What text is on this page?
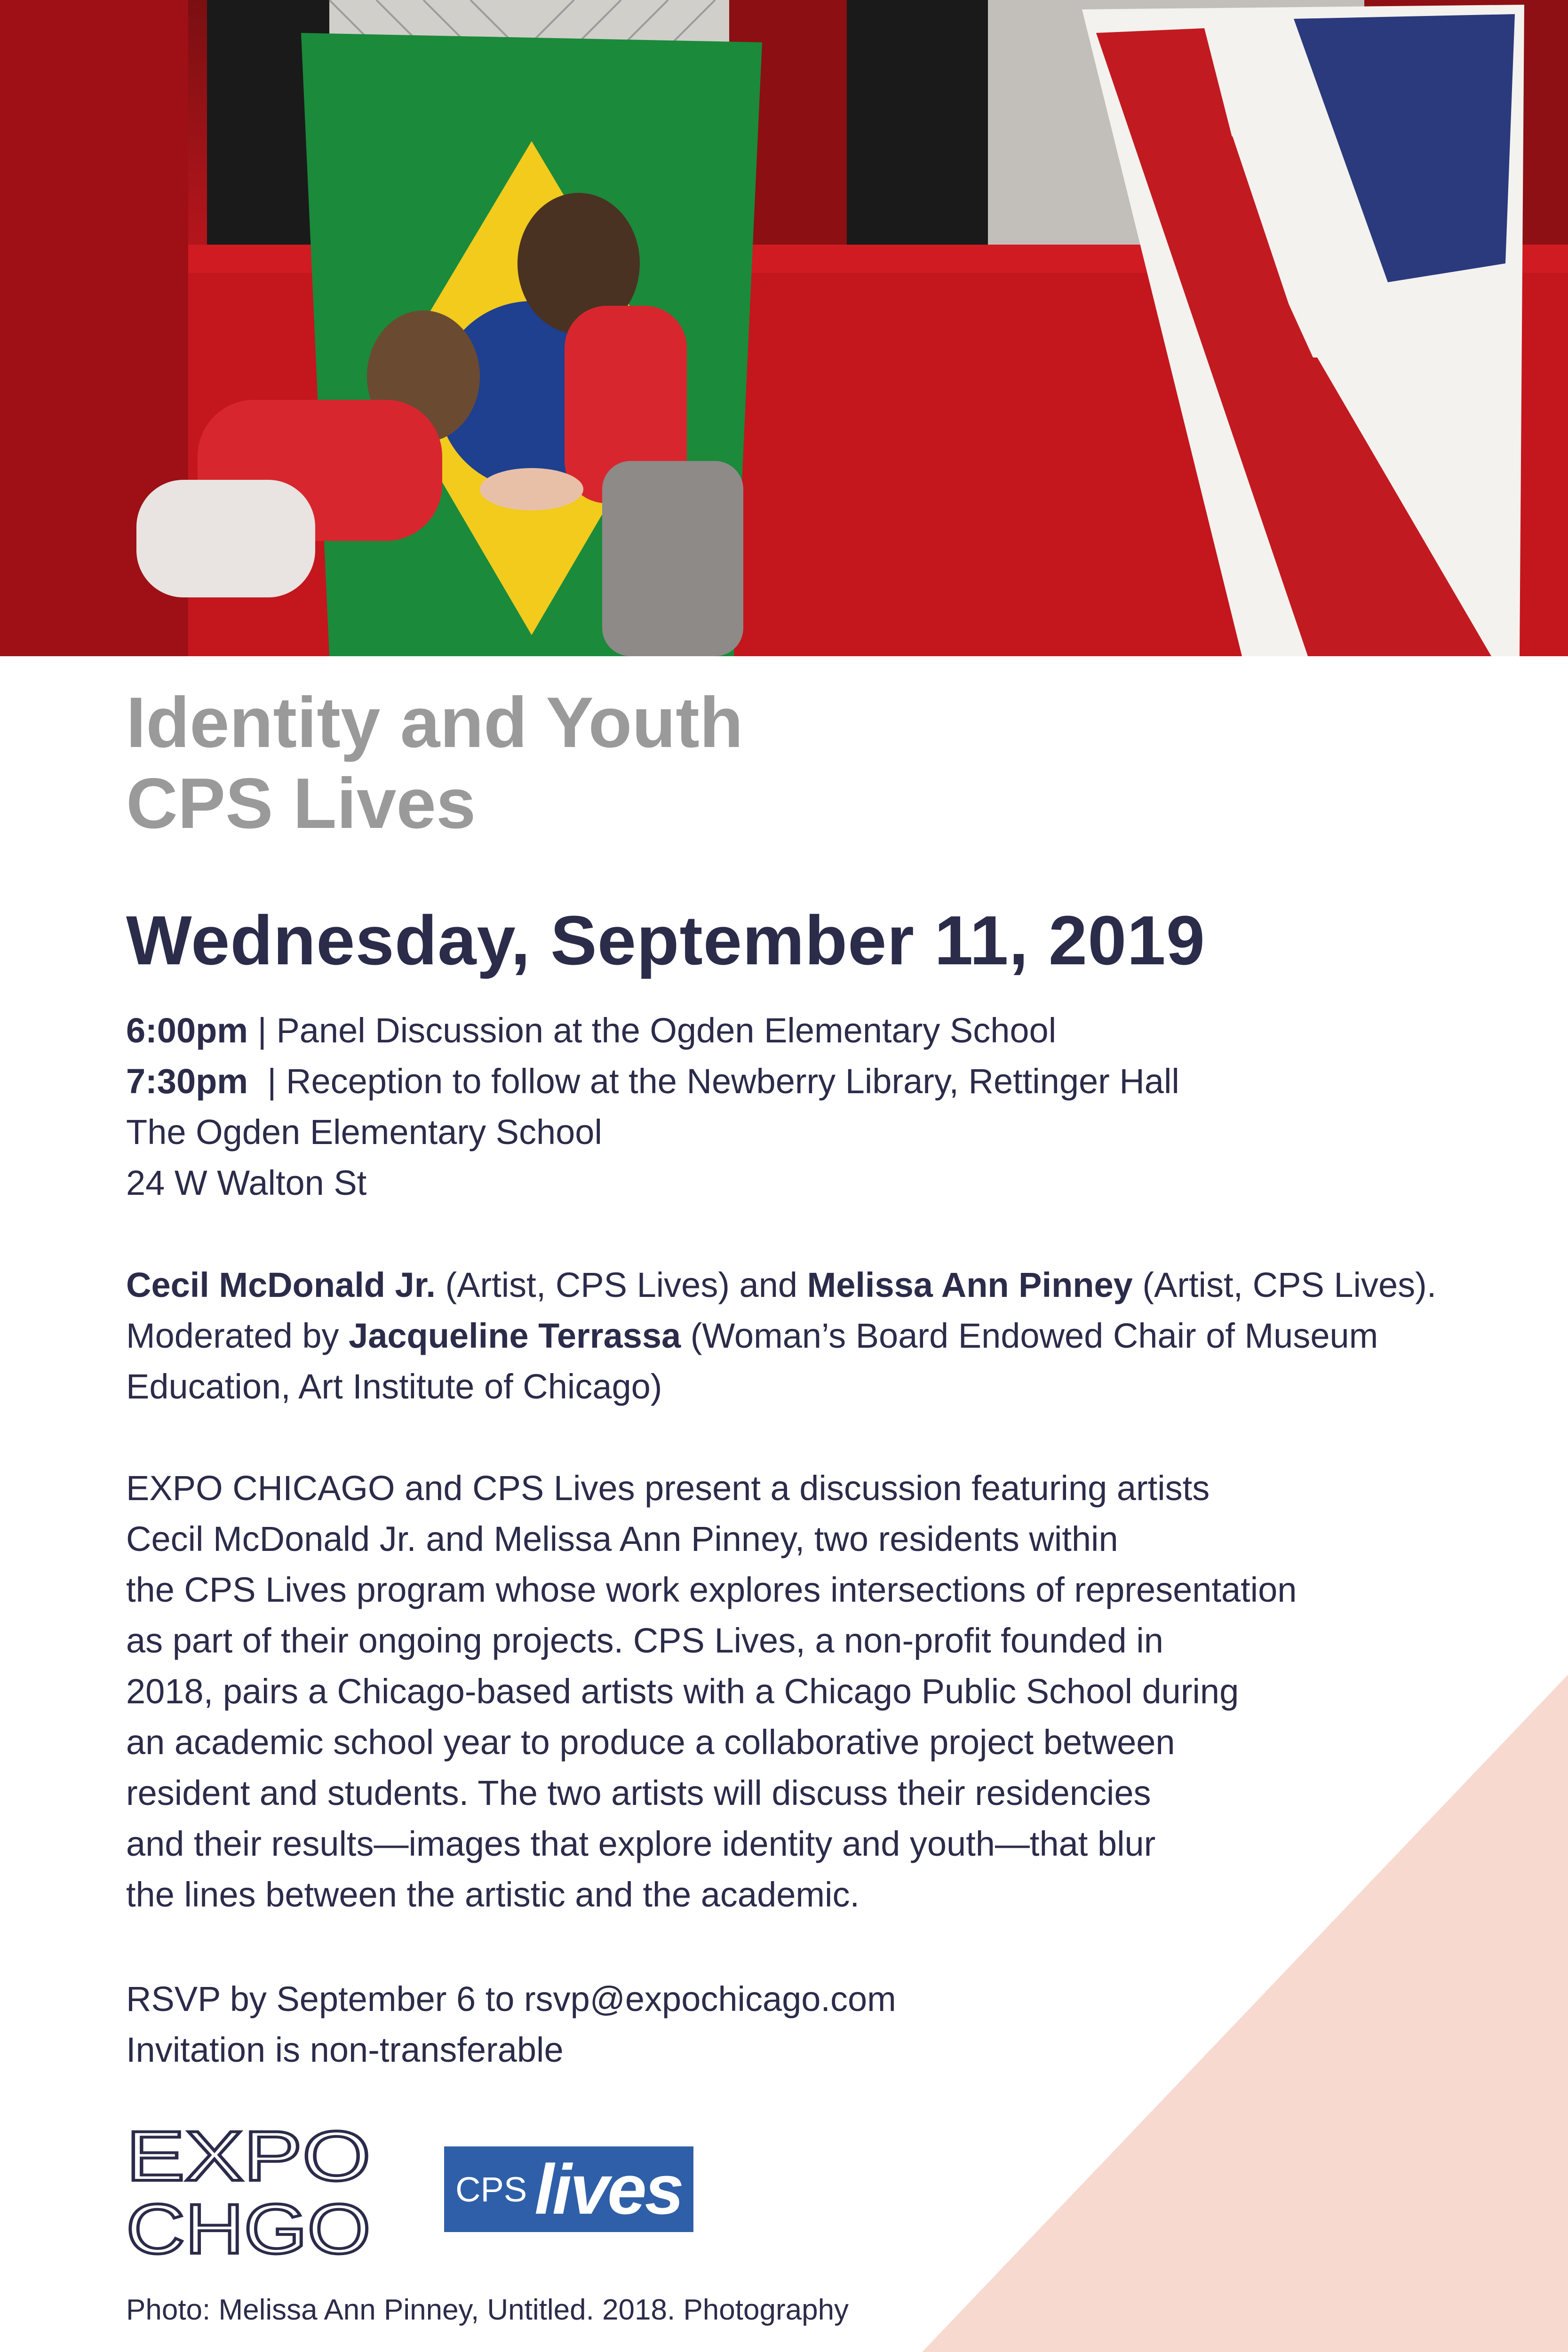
Identity and Youth
CPS Lives
Wednesday, September 11, 2019
6:00pm | Panel Discussion at the Ogden Elementary School
7:30pm  | Reception to follow at the Newberry Library, Rettinger Hall
The Ogden Elementary School
24 W Walton St
Cecil McDonald Jr. (Artist, CPS Lives) and Melissa Ann Pinney (Artist, CPS Lives).
Moderated by Jacqueline Terrassa (Woman’s Board Endowed Chair of Museum
Education, Art Institute of Chicago)
EXPO CHICAGO and CPS Lives present a discussion featuring artists
Cecil McDonald Jr. and Melissa Ann Pinney, two residents within
the CPS Lives program whose work explores intersections of representation
as part of their ongoing projects. CPS Lives, a non-profit founded in
2018, pairs a Chicago-based artists with a Chicago Public School during
an academic school year to produce a collaborative project between
resident and students. The two artists will discuss their residencies
and their results—images that explore identity and youth—that blur
the lines between the artistic and the academic.
RSVP by September 6 to rsvp@expochicago.com
Invitation is non-transferable
EXPO
CHGO CPS lives
Photo: Melissa Ann Pinney, Untitled. 2018. Photography
